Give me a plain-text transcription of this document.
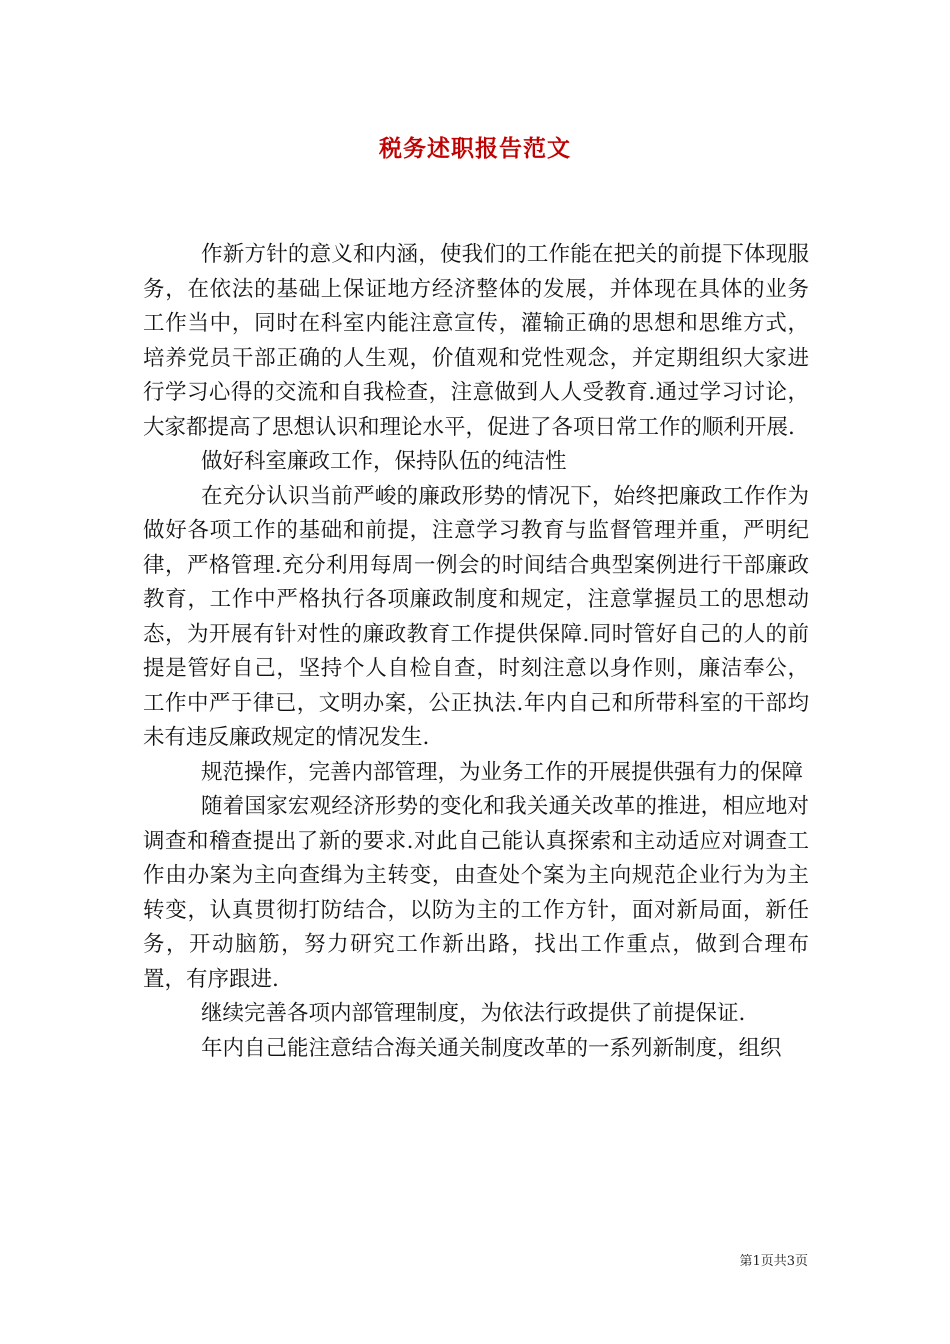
税务述职报告范文

作新方针的意义和内涵，使我们的工作能在把关的前提下体现服务，在依法的基础上保证地方经济整体的发展，并体现在具体的业务工作当中，同时在科室内能注意宣传，灌输正确的思想和思维方式，培养党员干部正确的人生观，价值观和党性观念，并定期组织大家进行学习心得的交流和自我检查，注意做到人人受教育.通过学习讨论，大家都提高了思想认识和理论水平，促进了各项日常工作的顺利开展.

做好科室廉政工作，保持队伍的纯洁性

在充分认识当前严峻的廉政形势的情况下，始终把廉政工作作为做好各项工作的基础和前提，注意学习教育与监督管理并重，严明纪律，严格管理.充分利用每周一例会的时间结合典型案例进行干部廉政教育，工作中严格执行各项廉政制度和规定，注意掌握员工的思想动态，为开展有针对性的廉政教育工作提供保障.同时管好自己的人的前提是管好自己，坚持个人自检自查，时刻注意以身作则，廉洁奉公，工作中严于律已，文明办案，公正执法.年内自己和所带科室的干部均未有违反廉政规定的情况发生.

规范操作，完善内部管理，为业务工作的开展提供强有力的保障

随着国家宏观经济形势的变化和我关通关改革的推进，相应地对调查和稽查提出了新的要求.对此自己能认真探索和主动适应对调查工作由办案为主向查缉为主转变，由查处个案为主向规范企业行为为主转变，认真贯彻打防结合，以防为主的工作方针，面对新局面，新任务，开动脑筋，努力研究工作新出路，找出工作重点，做到合理布置，有序跟进.

继续完善各项内部管理制度，为依法行政提供了前提保证.

年内自己能注意结合海关通关制度改革的一系列新制度，组织

第1页共3页
